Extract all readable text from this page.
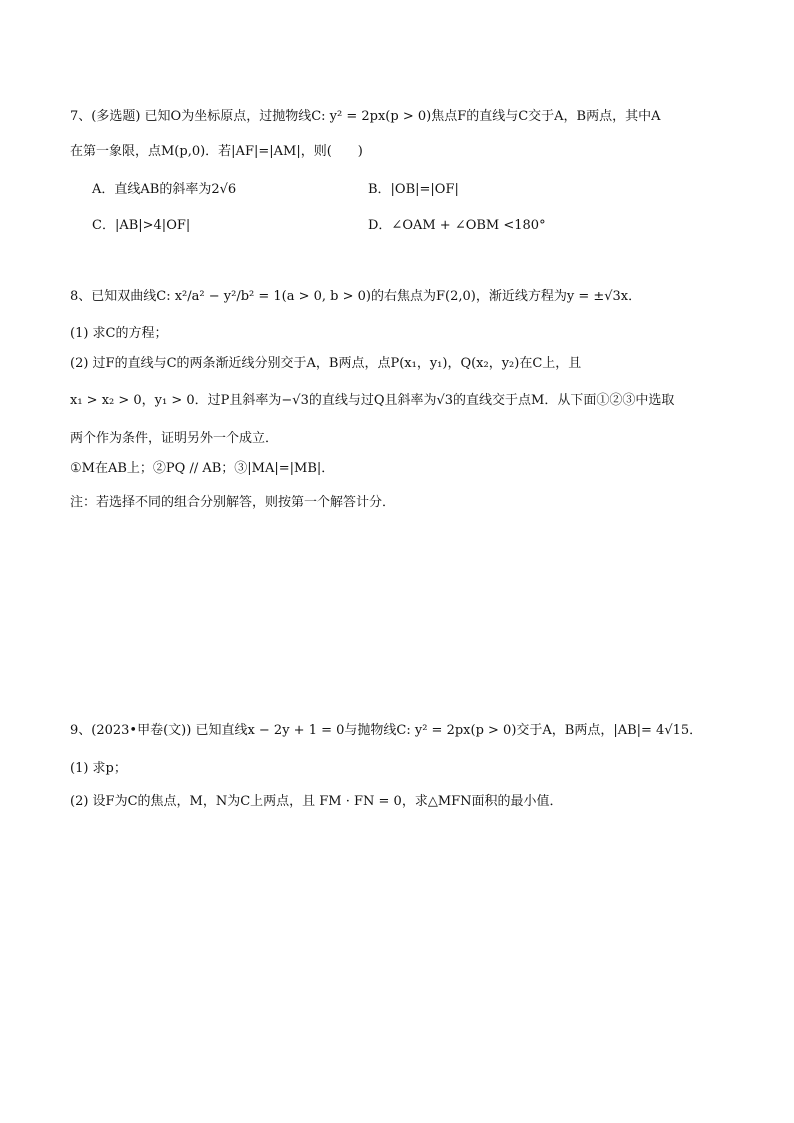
7、(多选题) 已知O为坐标原点，过抛物线C: y² = 2px(p > 0)焦点F的直线与C交于A，B两点，其中A
在第一象限，点M(p,0)．若|AF|=|AM|，则(　　)
A．直线AB的斜率为2√6	B．|OB|=|OF|
C．|AB|>4|OF|	D．∠OAM + ∠OBM <180°
8、已知双曲线C: x²/a² − y²/b² = 1(a > 0, b > 0)的右焦点为F(2,0)，渐近线方程为y = ±√3x．
(1) 求C的方程；
(2) 过F的直线与C的两条渐近线分别交于A，B两点，点P(x₁，y₁)，Q(x₂，y₂)在C上，且
x₁ > x₂ > 0，y₁ > 0．过P且斜率为−√3的直线与过Q且斜率为√3的直线交于点M．从下面①②③中选取
两个作为条件，证明另外一个成立．
①M在AB上；②PQ // AB；③|MA|=|MB|．
注：若选择不同的组合分别解答，则按第一个解答计分．
9、(2023•甲卷(文)) 已知直线x − 2y + 1 = 0与抛物线C: y² = 2px(p > 0)交于A，B两点，|AB|= 4√15．
(1) 求p；
(2) 设F为C的焦点，M，N为C上两点，且 FM · FN = 0，求△MFN面积的最小值．
